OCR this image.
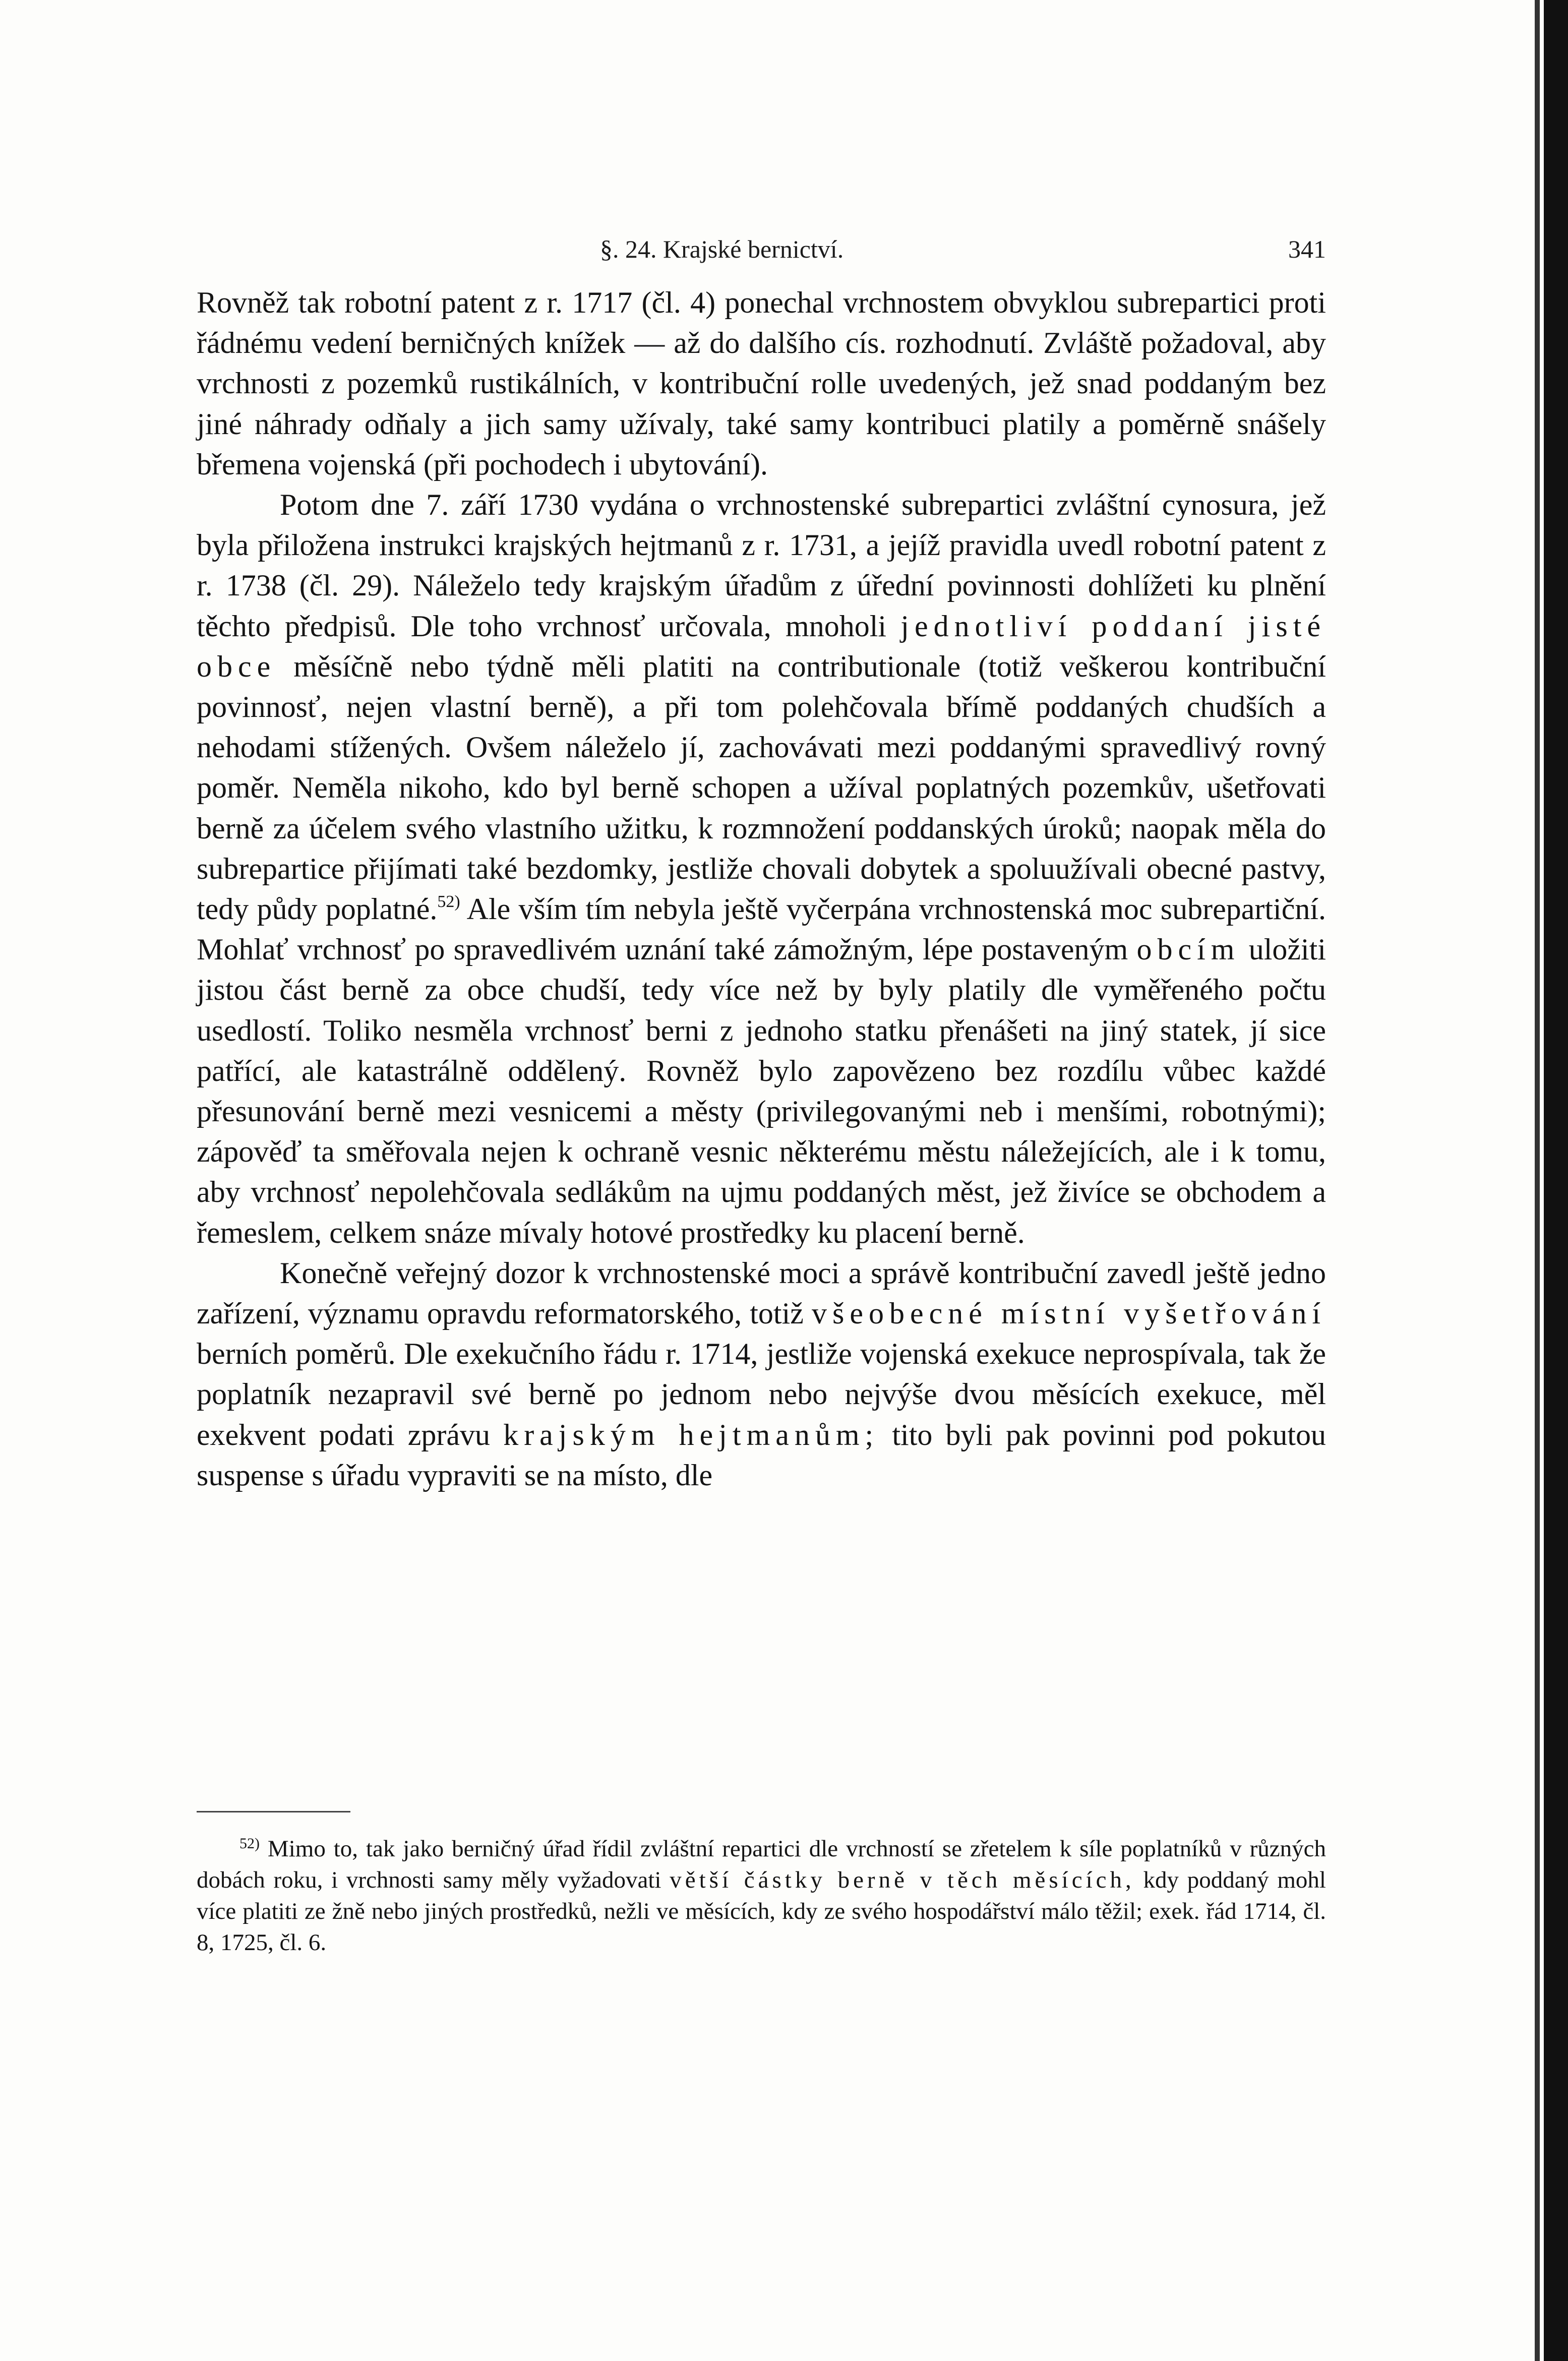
§. 24. Krajské bernictví.	341

Rovněž tak robotní patent z r. 1717 (čl. 4) ponechal vrchnostem obvyklou subrepartici proti řádnému vedení berničných knížek — až do dalšího cís. rozhodnutí. Zvláště požadoval, aby vrchnosti z pozemků rustikálních, v kontribuční rolle uvedených, jež snad poddaným bez jiné náhrady odňaly a jich samy užívaly, také samy kontribuci platily a poměrně snášely břemena vojenská (při pochodech i ubytování).

Potom dne 7. září 1730 vydána o vrchnostenské subrepartici zvláštní cynosura, jež byla přiložena instrukci krajských hejtmanů z r. 1731, a jejíž pravidla uvedl robotní patent z r. 1738 (čl. 29). Náleželo tedy krajským úřadům z úřední povinnosti dohlížeti ku plnění těchto předpisů. Dle toho vrchnosť určovala, mnoholi jednotliví poddaní jisté obce měsíčně nebo týdně měli platiti na contributionale (totiž veškerou kontribuční povinnosť, nejen vlastní berně), a při tom polehčovala břímě poddaných chudších a nehodami stížených. Ovšem náleželo jí, zachovávati mezi poddanými spravedlivý rovný poměr. Neměla nikoho, kdo byl berně schopen a užíval poplatných pozemkův, ušetřovati berně za účelem svého vlastního užitku, k rozmnožení poddanských úroků; naopak měla do subrepartice přijímati také bezdomky, jestliže chovali dobytek a spoluužívali obecné pastvy, tedy půdy poplatné.$^{52)}$ Ale vším tím nebyla ještě vyčerpána vrchnostenská moc subrepartiční. Mohlať vrchnosť po spravedlivém uznání také zámožným, lépe postaveným obcím uložiti jistou část berně za obce chudší, tedy více než by byly platily dle vyměřeného počtu usedlostí. Toliko nesměla vrchnosť berni z jednoho statku přenášeti na jiný statek, jí sice patřící, ale katastrálně oddělený. Rovněž bylo zapovězeno bez rozdílu vůbec každé přesunování berně mezi vesnicemi a městy (privilegovanými neb i menšími, robotnými); zápověď ta směřovala nejen k ochraně vesnic některému městu náležejících, ale i k tomu, aby vrchnosť nepolehčovala sedlákům na ujmu poddaných měst, jež živíce se obchodem a řemeslem, celkem snáze mívaly hotové prostředky ku placení berně.

Konečně veřejný dozor k vrchnostenské moci a správě kontribuční zavedl ještě jedno zařízení, významu opravdu reformatorského, totiž všeobecné místní vyšetřování berních poměrů. Dle exekučního řádu r. 1714, jestliže vojenská exekuce neprospívala, tak že poplatník nezapravil své berně po jednom nebo nejvýše dvou měsících exekuce, měl exekvent podati zprávu krajským hejtmanům; tito byli pak povinni pod pokutou suspense s úřadu vypraviti se na místo, dle

$^{52)}$ Mimo to, tak jako berničný úřad řídil zvláštní repartici dle vrchností se zřetelem k síle poplatníků v různých dobách roku, i vrchnosti samy měly vyžadovati větší částky berně v těch měsících, kdy poddaný mohl více platiti ze žně nebo jiných prostředků, nežli ve měsících, kdy ze svého hospodářství málo těžil; exek. řád 1714, čl. 8, 1725, čl. 6.
